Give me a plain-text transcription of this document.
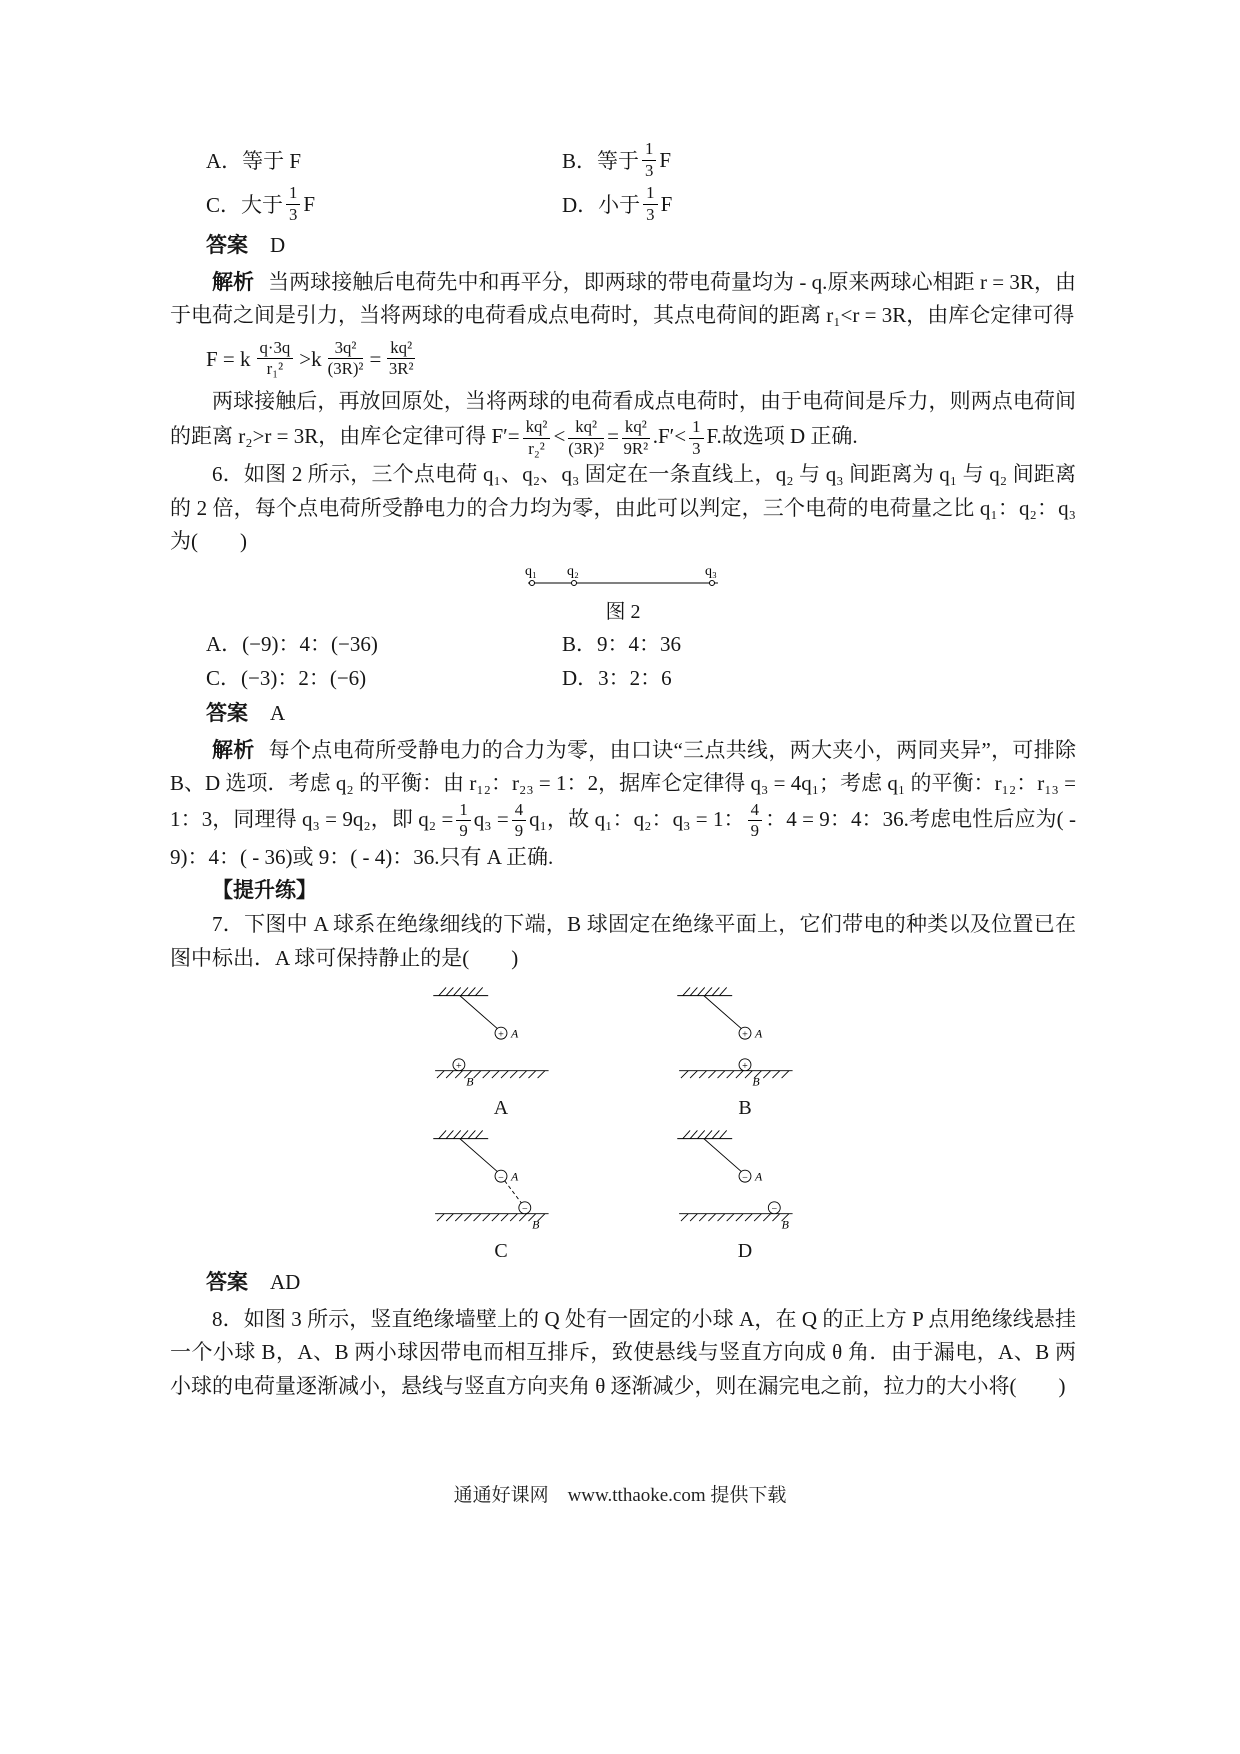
A．等于 F	B．等于 $\frac{1}{3}$ F
C．大于 $\frac{1}{3}$ F	D．小于 $\frac{1}{3}$ F

答案 D

解析 当两球接触后电荷先中和再平分，即两球的带电荷量均为 - q.原来两球心相距 r = 3R，由于电荷之间是引力，当将两球的电荷看成点电荷时，其点电荷间的距离 r₁<r = 3R，由库仑定律可得

F = k $\frac{q\cdot 3q}{\text{r₁²}} >k \frac{\text{3q²}}{\text{(3R)²}} = \frac{\text{kq²}}{\text{3R²}}$

两球接触后，再放回原处，当将两球的电荷看成点电荷时，由于电荷间是斥力，则两点电荷间的距离 r₂>r = 3R，由库仑定律可得 $F'= \frac{\text{kq²}}{\text{r₂²}} < \frac{\text{kq²}}{\text{(3R)²}} = \frac{\text{kq²}}{\text{9R²}} .F'< \frac{1}{3} F$.故选项 D 正确.

6．如图 2 所示，三个点电荷 q₁、q₂、q₃ 固定在一条直线上，q₂ 与 q₃ 间距离为 q₁ 与 q₂ 间距离的 2 倍，每个点电荷所受静电力的合力均为零，由此可以判定，三个电荷的电荷量之比 q₁：q₂：q₃ 为(　　)

q₁ q₂	q₃
图 2
A．(−9)：4：(−36)	B．9：4：36
C．(−3)：2：(−6)	D．3：2：6

答案 A

解析 每个点电荷所受静电力的合力为零，由口诀“三点共线，两大夹小，两同夹异”，可排除 B、D 选项．考虑 q₂ 的平衡：由 r₁₂：r₂₃ = 1：2，据库仑定律得 q₃ = 4q₁；考虑 q₁ 的平衡：r₁₂：r₁₃ = 1：3，同理得 q₃ = 9q₂，即 $q_2 = \frac{1}{9} q_3 = \frac{4}{9} q_1$，故 q₁：q₂：q₃ = 1： $\frac{4}{9}$ ：4 = 9：4：36.考虑电性后应为( - 9)：4：( - 36)或 9：( - 4)：36.只有 A 正确.

【提升练】

7．下图中 A 球系在绝缘细线的下端，B 球固定在绝缘平面上，它们带电的种类以及位置已在图中标出．A 球可保持静止的是(　　)

+ A
+
B
A
+ A
+
B
B
− A
−
B
C
− A
−
B
D

答案 AD

8．如图 3 所示，竖直绝缘墙壁上的 Q 处有一固定的小球 A，在 Q 的正上方 P 点用绝缘线悬挂一个小球 B，A、B 两小球因带电而相互排斥，致使悬线与竖直方向成 θ 角．由于漏电，A、B 两小球的电荷量逐渐减小，悬线与竖直方向夹角 θ 逐渐减少，则在漏完电之前，拉力的大小将(　　)

通通好课网　www.tthaoke.com 提供下载
